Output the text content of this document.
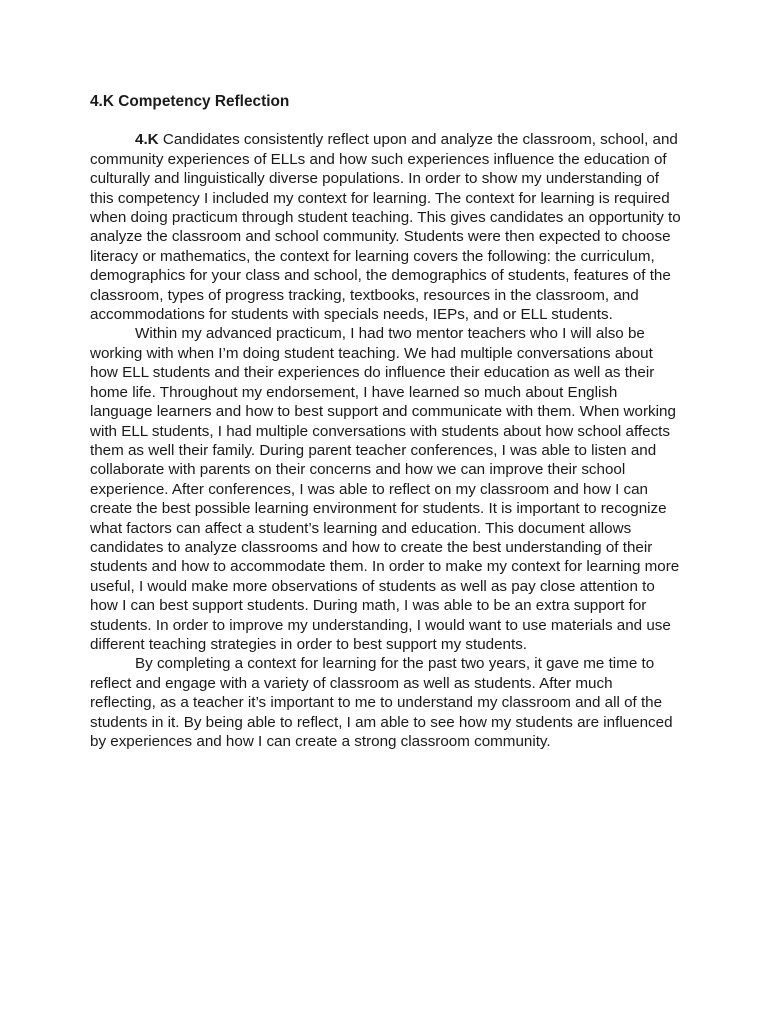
4.K Competency Reflection

4.K Candidates consistently reflect upon and analyze the classroom, school, and community experiences of ELLs and how such experiences influence the education of culturally and linguistically diverse populations. In order to show my understanding of this competency I included my context for learning. The context for learning is required when doing practicum through student teaching. This gives candidates an opportunity to analyze the classroom and school community. Students were then expected to choose literacy or mathematics, the context for learning covers the following: the curriculum, demographics for your class and school, the demographics of students, features of the classroom, types of progress tracking, textbooks, resources in the classroom, and accommodations for students with specials needs, IEPs, and or ELL students.

Within my advanced practicum, I had two mentor teachers who I will also be working with when I’m doing student teaching. We had multiple conversations about how ELL students and their experiences do influence their education as well as their home life. Throughout my endorsement, I have learned so much about English language learners and how to best support and communicate with them. When working with ELL students, I had multiple conversations with students about how school affects them as well their family. During parent teacher conferences, I was able to listen and collaborate with parents on their concerns and how we can improve their school experience. After conferences, I was able to reflect on my classroom and how I can create the best possible learning environment for students. It is important to recognize what factors can affect a student’s learning and education. This document allows candidates to analyze classrooms and how to create the best understanding of their students and how to accommodate them. In order to make my context for learning more useful, I would make more observations of students as well as pay close attention to how I can best support students. During math, I was able to be an extra support for students. In order to improve my understanding, I would want to use materials and use different teaching strategies in order to best support my students.

By completing a context for learning for the past two years, it gave me time to reflect and engage with a variety of classroom as well as students. After much reflecting, as a teacher it’s important to me to understand my classroom and all of the students in it. By being able to reflect, I am able to see how my students are influenced by experiences and how I can create a strong classroom community.
